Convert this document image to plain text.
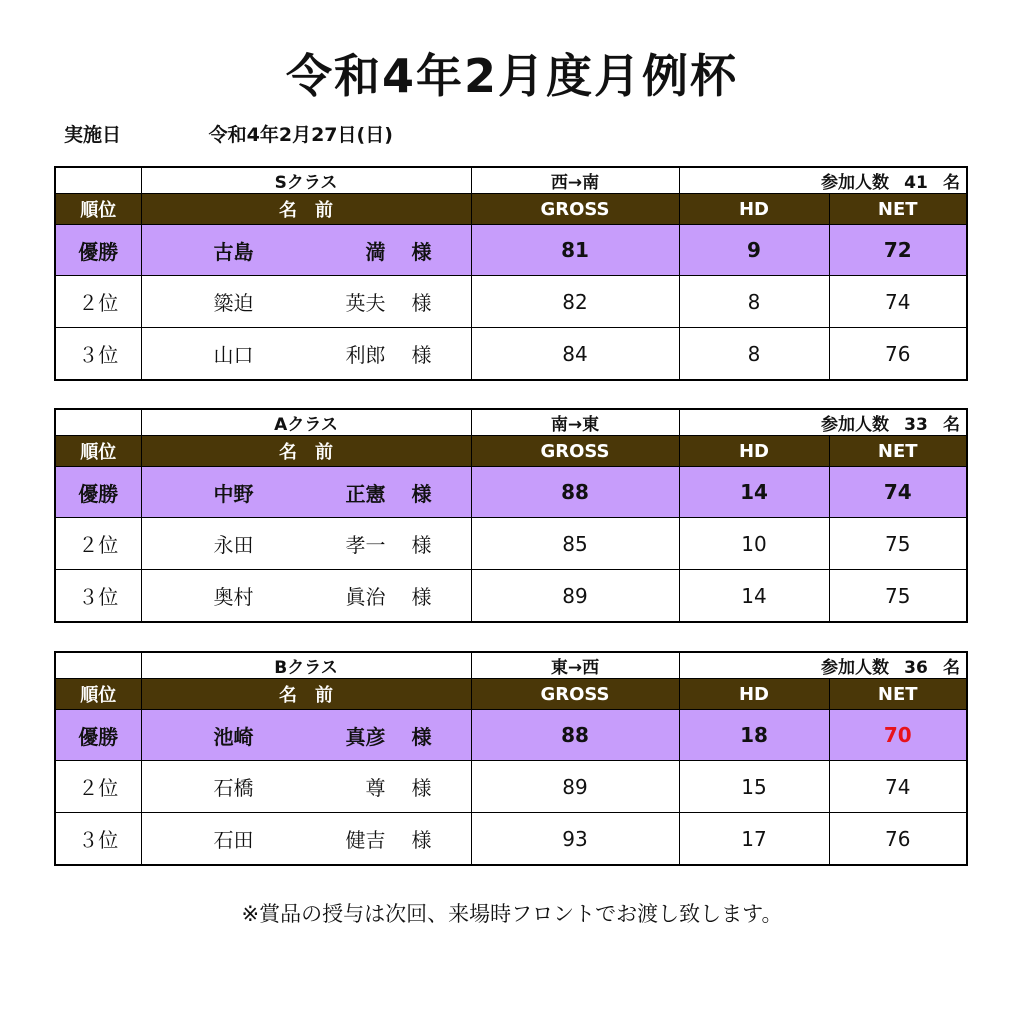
令和4年2月度月例杯
実施日	令和4年2月27日(日)
	Sクラス	西→南	参加人数 41 名	
順位	名　前	GROSS	HD	NET
優勝	古島 満 様	81	9	72
２位	簗迫 英夫 様	82	8	74
３位	山口 利郎 様	84	8	76
	Aクラス	南→東	参加人数 33 名	
順位	名　前	GROSS	HD	NET
優勝	中野 正憲 様	88	14	74
２位	永田 孝一 様	85	10	75
３位	奥村 眞治 様	89	14	75
	Bクラス	東→西	参加人数 36 名	
順位	名　前	GROSS	HD	NET
優勝	池崎 真彦 様	88	18	70
２位	石橋 尊 様	89	15	74
３位	石田 健吉 様	93	17	76
※賞品の授与は次回、来場時フロントでお渡し致します。
